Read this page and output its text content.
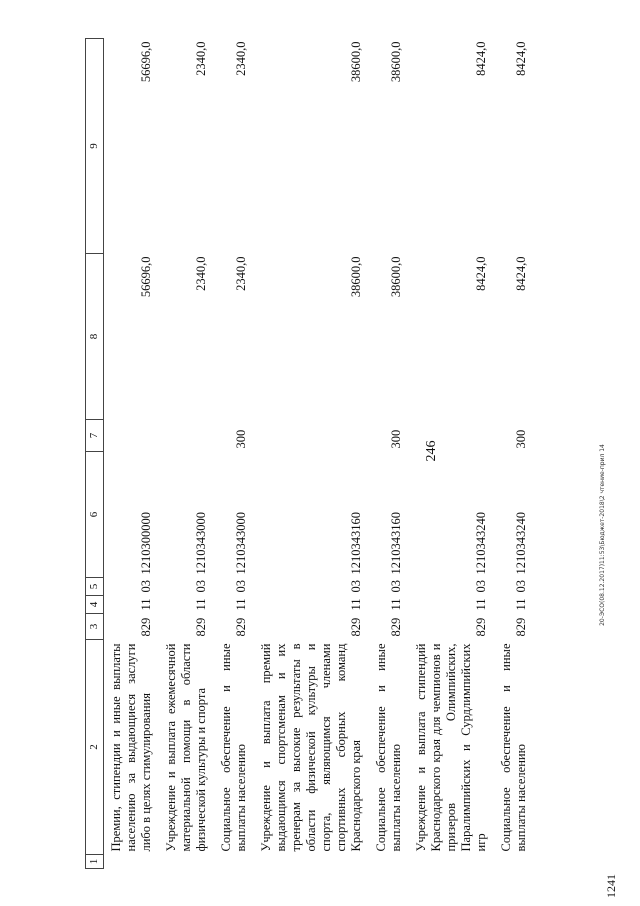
246
1	2	3	4	5	6	7	8	9
	Премии, стипендии и иные выплаты населению за выдающиеся заслуги либо в целях стимулирования	829	11	03	1210300000		56696,0	56696,0
	Учреждение и выплата ежемесячной материальной помощи в области физической культуры и спорта	829	11	03	1210343000		2340,0	2340,0
	Социальное обеспечение и иные выплаты населению	829	11	03	1210343000	300	2340,0	2340,0
	Учреждение и выплата премий выдающимся спортсменам и их тренерам за высокие результаты в области физической культуры и спорта, являющимся членами спортивных сборных команд Краснодарского края	829	11	03	1210343160		38600,0	38600,0
	Социальное обеспечение и иные выплаты населению	829	11	03	1210343160	300	38600,0	38600,0
	Учреждение и выплата стипендий Краснодарского края для чемпионов и призеров Олимпийских, Паралимпийских и Сурдлимпийских игр	829	11	03	1210343240		8424,0	8424,0
	Социальное обеспечение и иные выплаты населению	829	11	03	1210343240	300	8424,0	8424,0
20-ЭСО(08.12.2017)11:53\Бюджет-2018\2 чтение-прил 14
1241
